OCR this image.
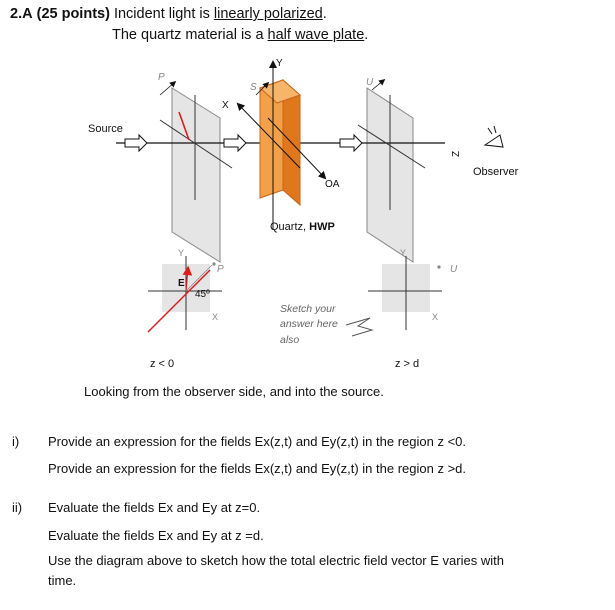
2.A (25 points) Incident light is linearly polarized.
The quartz material is a half wave plate.
P
S	U
Y
X
Z
Source
Observer
OA
Quartz, HWP
Y
X
P
E
45º
Y
X
U
Sketch your
answer here
also
z < 0	z > d
Looking from the observer side, and into the source.
i) Provide an expression for the fields Ex(z,t) and Ey(z,t) in the region z <0.
Provide an expression for the fields Ex(z,t) and Ey(z,t) in the region z >d.
ii) Evaluate the fields Ex and Ey at z=0.
Evaluate the fields Ex and Ey at z =d.
Use the diagram above to sketch how the total electric field vector E varies with
time.
